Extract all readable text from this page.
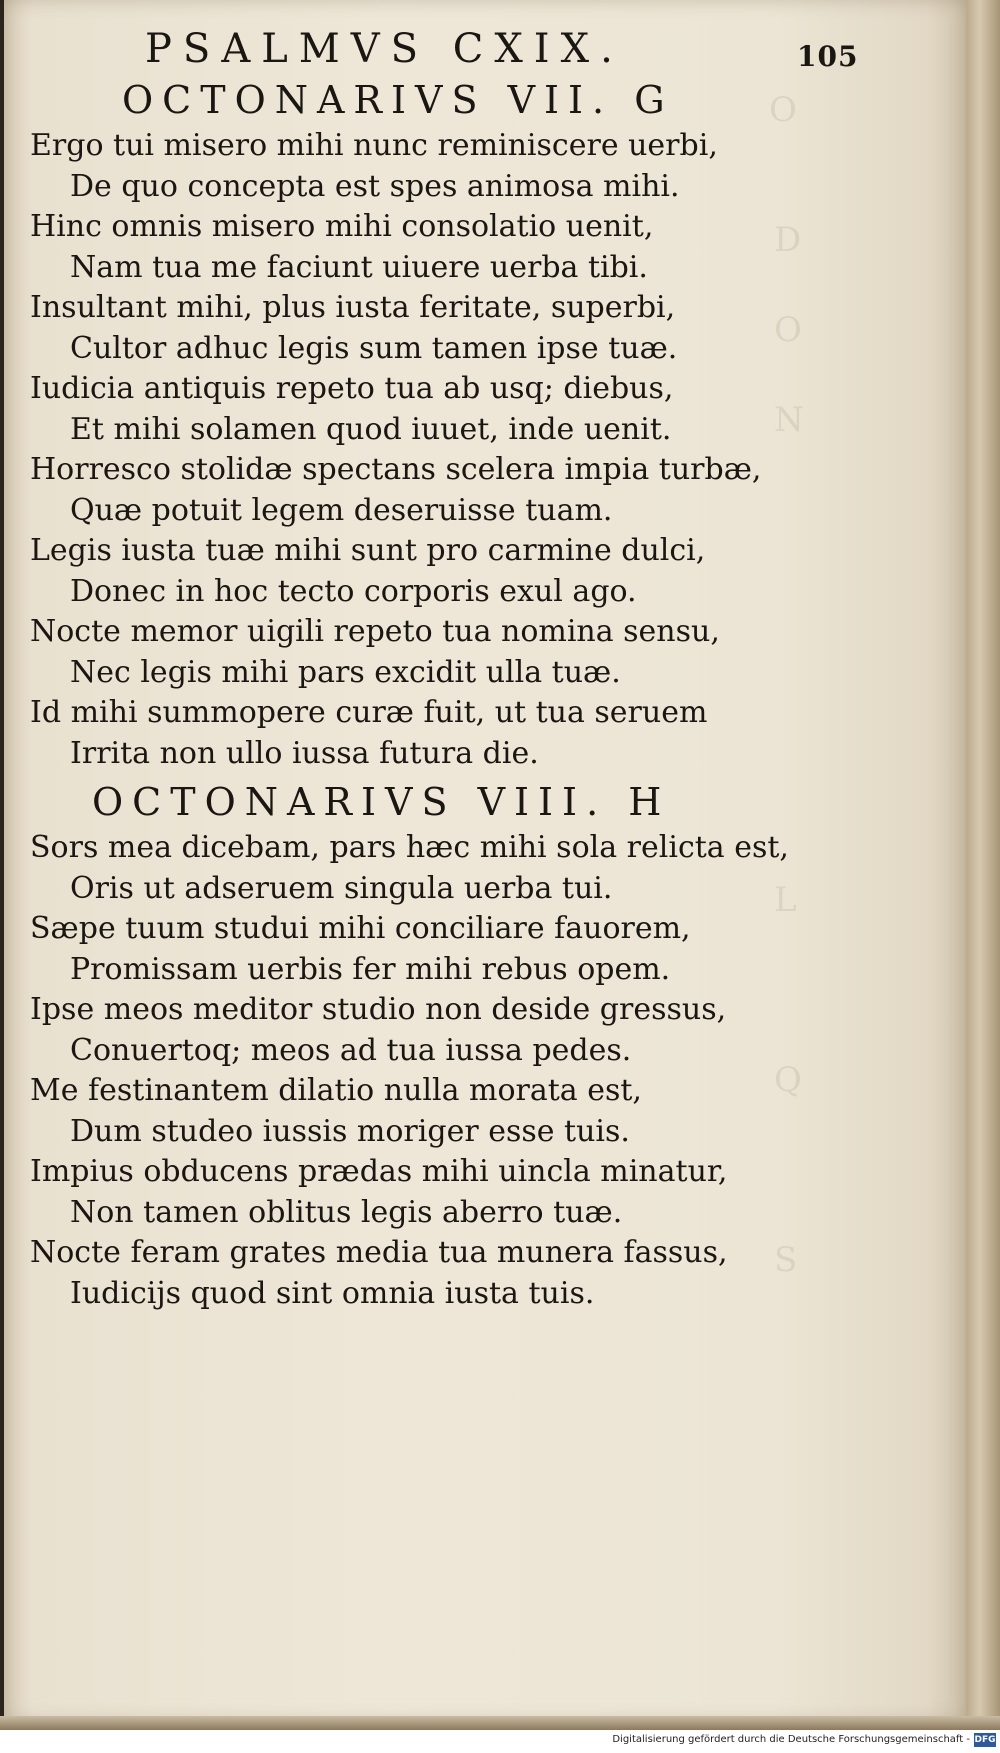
O
D
O
N
L
Q
S
PSALMVS CXIX.	105
OCTONARIVS VII. G
Ergo tui misero mihi nunc reminiscere uerbi,
De quo concepta est spes animosa mihi.
Hinc omnis misero mihi consolatio uenit,
Nam tua me faciunt uiuere uerba tibi.
Insultant mihi, plus iusta feritate, superbi,
Cultor adhuc legis sum tamen ipse tuæ.
Iudicia antiquis repeto tua ab usq; diebus,
Et mihi solamen quod iuuet, inde uenit.
Horresco stolidæ spectans scelera impia turbæ,
Quæ potuit legem deseruisse tuam.
Legis iusta tuæ mihi sunt pro carmine dulci,
Donec in hoc tecto corporis exul ago.
Nocte memor uigili repeto tua nomina sensu,
Nec legis mihi pars excidit ulla tuæ.
Id mihi summopere curæ fuit, ut tua seruem
Irrita non ullo iussa futura die.
OCTONARIVS VIII. H
Sors mea dicebam, pars hæc mihi sola relicta est,
Oris ut adseruem singula uerba tui.
Sæpe tuum studui mihi conciliare fauorem,
Promissam uerbis fer mihi rebus opem.
Ipse meos meditor studio non deside gressus,
Conuertoq; meos ad tua iussa pedes.
Me festinantem dilatio nulla morata est,
Dum studeo iussis moriger esse tuis.
Impius obducens prædas mihi uincla minatur,
Non tamen oblitus legis aberro tuæ.
Nocte feram grates media tua munera fassus,
Iudicijs quod sint omnia iusta tuis.
Digitalisierung gefördert durch die Deutsche Forschungsgemeinschaft - DFG
